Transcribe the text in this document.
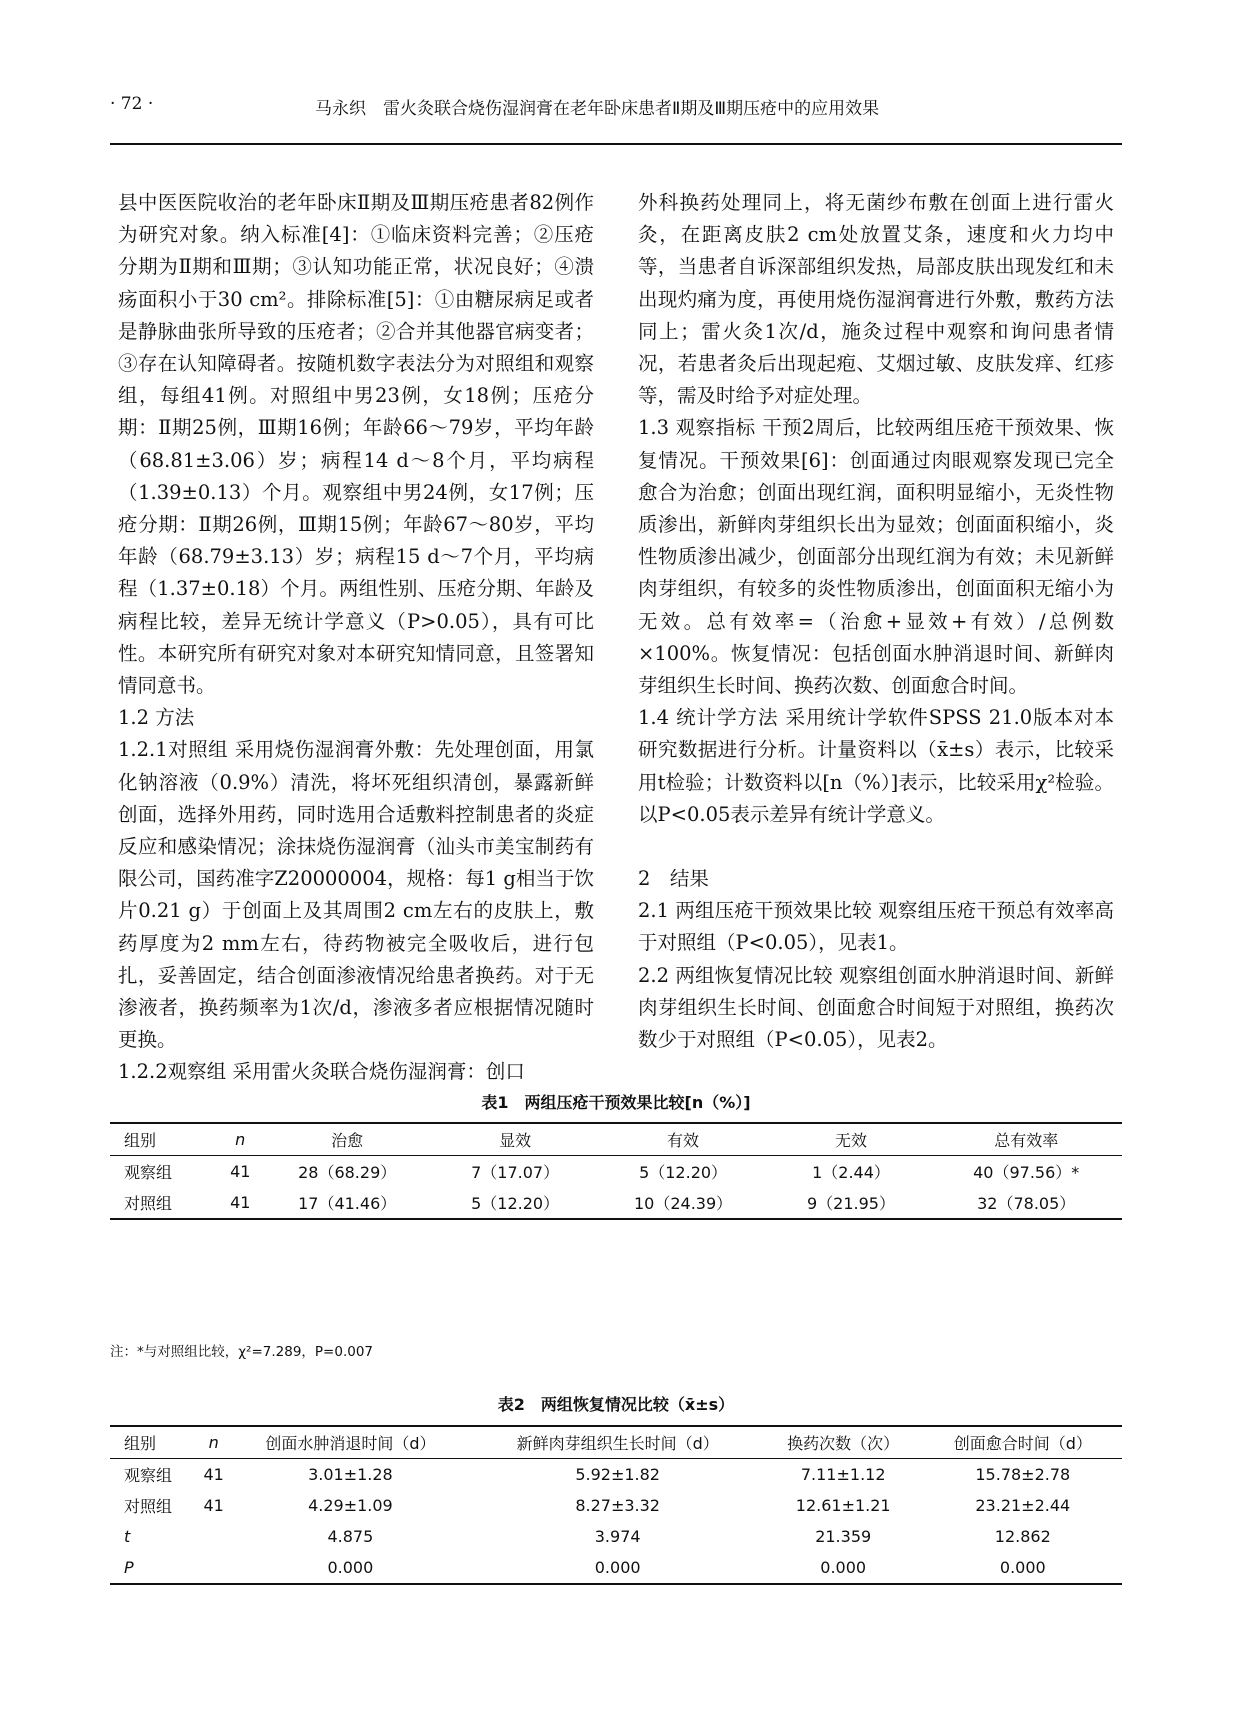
· 72 ·	马永织　雷火灸联合烧伤湿润膏在老年卧床患者Ⅱ期及Ⅲ期压疮中的应用效果

县中医医院收治的老年卧床Ⅱ期及Ⅲ期压疮患者82例作为研究对象。纳入标准[4]：①临床资料完善；②压疮分期为Ⅱ期和Ⅲ期；③认知功能正常，状况良好；④溃疡面积小于30 cm²。排除标准[5]：①由糖尿病足或者是静脉曲张所导致的压疮者；②合并其他器官病变者；③存在认知障碍者。按随机数字表法分为对照组和观察组，每组41例。对照组中男23例，女18例；压疮分期：Ⅱ期25例，Ⅲ期16例；年龄66～79岁，平均年龄（68.81±3.06）岁；病程14 d～8个月，平均病程（1.39±0.13）个月。观察组中男24例，女17例；压疮分期：Ⅱ期26例，Ⅲ期15例；年龄67～80岁，平均年龄（68.79±3.13）岁；病程15 d～7个月，平均病程（1.37±0.18）个月。两组性别、压疮分期、年龄及病程比较，差异无统计学意义（P>0.05），具有可比性。本研究所有研究对象对本研究知情同意，且签署知情同意书。

1.2 方法

1.2.1对照组 采用烧伤湿润膏外敷：先处理创面，用氯化钠溶液（0.9%）清洗，将坏死组织清创，暴露新鲜创面，选择外用药，同时选用合适敷料控制患者的炎症反应和感染情况；涂抹烧伤湿润膏（汕头市美宝制药有限公司，国药准字Z20000004，规格：每1 g相当于饮片0.21 g）于创面上及其周围2 cm左右的皮肤上，敷药厚度为2 mm左右，待药物被完全吸收后，进行包扎，妥善固定，结合创面渗液情况给患者换药。对于无渗液者，换药频率为1次/d，渗液多者应根据情况随时更换。

1.2.2观察组 采用雷火灸联合烧伤湿润膏：创口

外科换药处理同上，将无菌纱布敷在创面上进行雷火灸，在距离皮肤2 cm处放置艾条，速度和火力均中等，当患者自诉深部组织发热，局部皮肤出现发红和未出现灼痛为度，再使用烧伤湿润膏进行外敷，敷药方法同上；雷火灸1次/d，施灸过程中观察和询问患者情况，若患者灸后出现起疱、艾烟过敏、皮肤发痒、红疹等，需及时给予对症处理。

1.3 观察指标 干预2周后，比较两组压疮干预效果、恢复情况。干预效果[6]：创面通过肉眼观察发现已完全愈合为治愈；创面出现红润，面积明显缩小，无炎性物质渗出，新鲜肉芽组织长出为显效；创面面积缩小，炎性物质渗出减少，创面部分出现红润为有效；未见新鲜肉芽组织，有较多的炎性物质渗出，创面面积无缩小为无效。总有效率=（治愈+显效+有效）/总例数×100%。恢复情况：包括创面水肿消退时间、新鲜肉芽组织生长时间、换药次数、创面愈合时间。

1.4 统计学方法 采用统计学软件SPSS 21.0版本对本研究数据进行分析。计量资料以（x̄±s）表示，比较采用t检验；计数资料以[n（%）]表示，比较采用χ²检验。以P<0.05表示差异有统计学意义。

2　结果

2.1 两组压疮干预效果比较 观察组压疮干预总有效率高于对照组（P<0.05），见表1。

2.2 两组恢复情况比较 观察组创面水肿消退时间、新鲜肉芽组织生长时间、创面愈合时间短于对照组，换药次数少于对照组（P<0.05），见表2。

表1　两组压疮干预效果比较[n（%）]
组别	n	治愈	显效	有效	无效	总有效率
观察组	41	28（68.29）	7（17.07）	5（12.20）	1（2.44）	40（97.56）*
对照组	41	17（41.46）	5（12.20）	10（24.39）	9（21.95）	32（78.05）
注：*与对照组比较，χ²=7.289，P=0.007
表2　两组恢复情况比较（x̄±s）
组别	n	创面水肿消退时间（d）	新鲜肉芽组织生长时间（d）	换药次数（次）	创面愈合时间（d）
观察组	41	3.01±1.28	5.92±1.82	7.11±1.12	15.78±2.78
对照组	41	4.29±1.09	8.27±3.32	12.61±1.21	23.21±2.44
t		4.875	3.974	21.359	12.862
P		0.000	0.000	0.000	0.000
